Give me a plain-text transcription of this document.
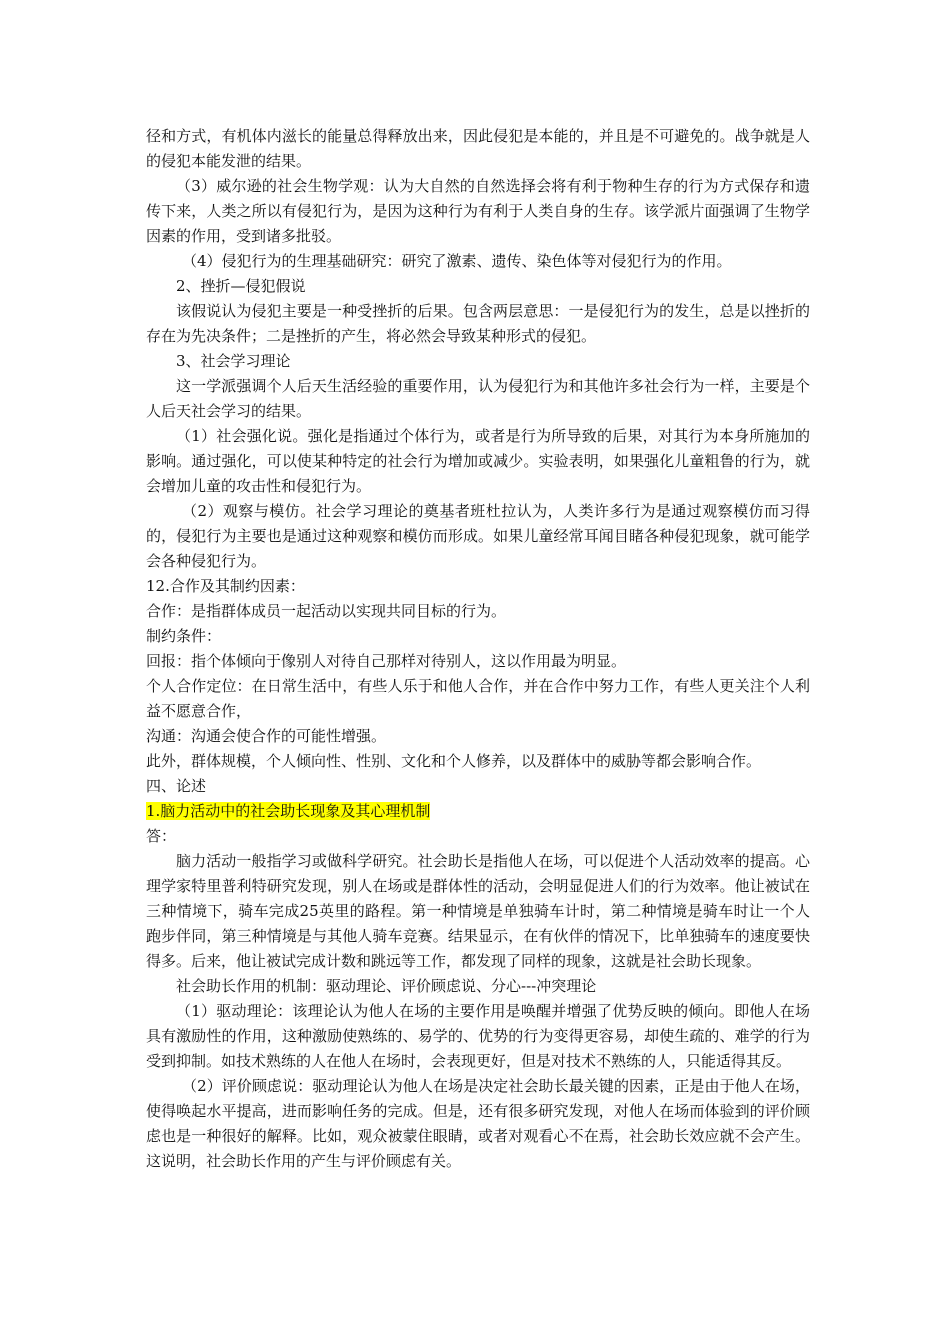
径和方式，有机体内滋长的能量总得释放出来，因此侵犯是本能的，并且是不可避免的。战争就是人的侵犯本能发泄的结果。

（3）威尔逊的社会生物学观：认为大自然的自然选择会将有利于物种生存的行为方式保存和遗传下来，人类之所以有侵犯行为，是因为这种行为有利于人类自身的生存。该学派片面强调了生物学因素的作用，受到诸多批驳。

（4）侵犯行为的生理基础研究：研究了激素、遗传、染色体等对侵犯行为的作用。

2、挫折—侵犯假说

该假说认为侵犯主要是一种受挫折的后果。包含两层意思：一是侵犯行为的发生，总是以挫折的存在为先决条件；二是挫折的产生，将必然会导致某种形式的侵犯。

3、社会学习理论

这一学派强调个人后天生活经验的重要作用，认为侵犯行为和其他许多社会行为一样，主要是个人后天社会学习的结果。

（1）社会强化说。强化是指通过个体行为，或者是行为所导致的后果，对其行为本身所施加的影响。通过强化，可以使某种特定的社会行为增加或减少。实验表明，如果强化儿童粗鲁的行为，就会增加儿童的攻击性和侵犯行为。

（2）观察与模仿。社会学习理论的奠基者班杜拉认为，人类许多行为是通过观察模仿而习得的，侵犯行为主要也是通过这种观察和模仿而形成。如果儿童经常耳闻目睹各种侵犯现象，就可能学会各种侵犯行为。

12.合作及其制约因素：

合作：是指群体成员一起活动以实现共同目标的行为。

制约条件：

回报：指个体倾向于像别人对待自己那样对待别人，这以作用最为明显。

个人合作定位：在日常生活中，有些人乐于和他人合作，并在合作中努力工作，有些人更关注个人利益不愿意合作，

沟通：沟通会使合作的可能性增强。

此外，群体规模，个人倾向性、性别、文化和个人修养，以及群体中的威胁等都会影响合作。

四、论述

1.脑力活动中的社会助长现象及其心理机制

答：

脑力活动一般指学习或做科学研究。社会助长是指他人在场，可以促进个人活动效率的提高。心理学家特里普利特研究发现，别人在场或是群体性的活动，会明显促进人们的行为效率。他让被试在三种情境下，骑车完成25英里的路程。第一种情境是单独骑车计时，第二种情境是骑车时让一个人跑步伴同，第三种情境是与其他人骑车竞赛。结果显示，在有伙伴的情况下，比单独骑车的速度要快得多。后来，他让被试完成计数和跳远等工作，都发现了同样的现象，这就是社会助长现象。

社会助长作用的机制：驱动理论、评价顾虑说、分心---冲突理论

（1）驱动理论：该理论认为他人在场的主要作用是唤醒并增强了优势反映的倾向。即他人在场具有激励性的作用，这种激励使熟练的、易学的、优势的行为变得更容易，却使生疏的、难学的行为受到抑制。如技术熟练的人在他人在场时，会表现更好，但是对技术不熟练的人，只能适得其反。

（2）评价顾虑说：驱动理论认为他人在场是决定社会助长最关键的因素，正是由于他人在场，使得唤起水平提高，进而影响任务的完成。但是，还有很多研究发现，对他人在场而体验到的评价顾虑也是一种很好的解释。比如，观众被蒙住眼睛，或者对观看心不在焉，社会助长效应就不会产生。这说明，社会助长作用的产生与评价顾虑有关。
